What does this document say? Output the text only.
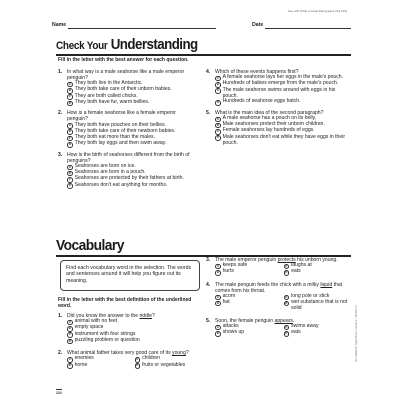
Use with What a Great Dad (pages 213-221).
Name	Date
Check Your Understanding
Fill in the letter with the best answer for each question.
1. In what way is a male seahorse like a male emperor penguin?
A They both live in the Antarctic.
B They both take care of their unborn babies.
C They are both called chicks.
D They both have fur, warm bellies.
2. How is a female seahorse like a female emperor penguin?
A They both have pouches on their bellies.
B They both take care of their newborn babies.
C They both eat more than the males.
D They both lay eggs and then swim away.
3. How is the birth of seahorses different from the birth of penguins?
A Seahorses are born on ice.
B Seahorses are born in a pouch.
C Seahorses are protected by their fathers at birth.
D Seahorses don't eat anything for months.
4. Which of these events happens first?
A A female seahorse lays her eggs in the male's pouch.
B Hundreds of babies emerge from the male's pouch.
C The male seahorse swims around with eggs in his pouch.
D Hundreds of seahorse eggs hatch.
5. What is the main idea of the second paragraph?
A A male seahorse has a pouch on its belly.
B Male seahorses protect their unborn children.
C Female seahorses lay hundreds of eggs.
D Male seahorses don't eat while they have eggs in their pouch.
Vocabulary
Find each vocabulary word in the selection. The words and sentences around it will help you figure out its meaning.
Fill in the letter with the best definition of the underlined word.
1. Did you know the answer to the riddle?
A animal with no feet
B empty space
C instrument with four strings
D puzzling problem or question
2. What animal father takes very good care of its young?
A enemies	C children
B home	D fruits or vegetables
3. The male emperor penguin protects his unborn young.
A keeps safe	C laughs at
B hurts	D eats
4. The male penguin feeds the chick with a milky liquid that comes from his throat.
A acorn	C long pole or stick
B hat	D wet substance that is not solid
5. Soon, the female penguin appears.
A attacks	C swims away
B shows up	D eats
224
The Mailbox® Super Book • Grade 3 • TEC61173
